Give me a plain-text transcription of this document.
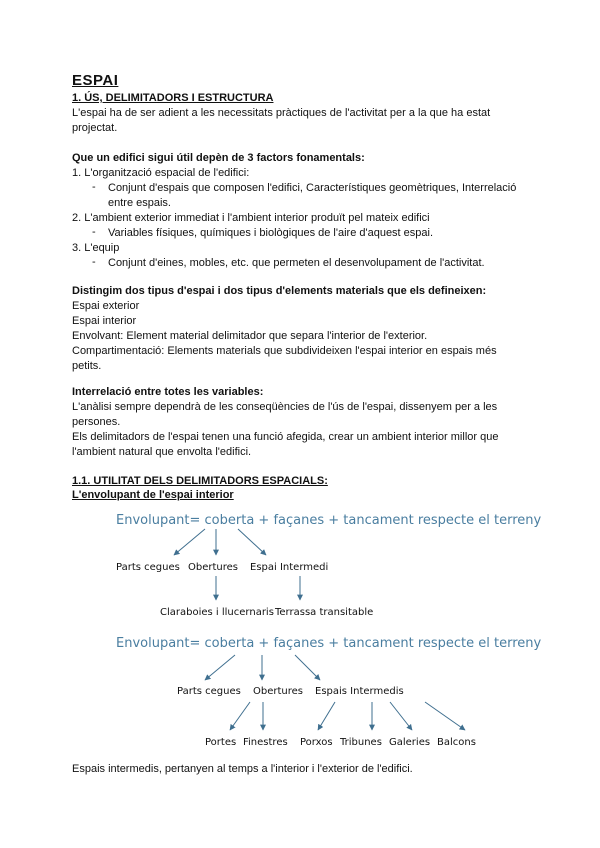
ESPAI
1. ÚS, DELIMITADORS I ESTRUCTURA
L'espai ha de ser adient a les necessitats pràctiques de l'activitat per a la que ha estat
projectat.
Que un edifici sigui útil depèn de 3 factors fonamentals:
1. L'organització espacial de l'edifici:
- Conjunt d'espais que composen l'edifici, Característiques geomètriques, Interrelació
entre espais.
2. L'ambient exterior immediat i l'ambient interior produït pel mateix edifici
- Variables físiques, químiques i biològiques de l'aire d'aquest espai.
3. L'equip
- Conjunt d'eines, mobles, etc. que permeten el desenvolupament de l'activitat.
Distingim dos tipus d'espai i dos tipus d'elements materials que els defineixen:
Espai exterior
Espai interior
Envolvant: Element material delimitador que separa l'interior de l'exterior.
Compartimentació: Elements materials que subdivideixen l'espai interior en espais més
petits.
Interrelació entre totes les variables:
L'anàlisi sempre dependrà de les conseqüències de l'ús de l'espai, dissenyem per a les
persones.
Els delimitadors de l'espai tenen una funció afegida, crear un ambient interior millor que
l'ambient natural que envolta l'edifici.
1.1. UTILITAT DELS DELIMITADORS ESPACIALS:
L'envolupant de l'espai interior
Espais intermedis, pertanyen al temps a l'interior i l'exterior de l'edifici.
Envolupant= coberta + façanes + tancament respecte el terreny
Parts cegues Obertures Espai Intermedi
Claraboies i llucernaris Terrassa transitable
Envolupant= coberta + façanes + tancament respecte el terreny
Parts cegues Obertures Espais Intermedis
Portes Finestres Porxos Tribunes Galeries Balcons
